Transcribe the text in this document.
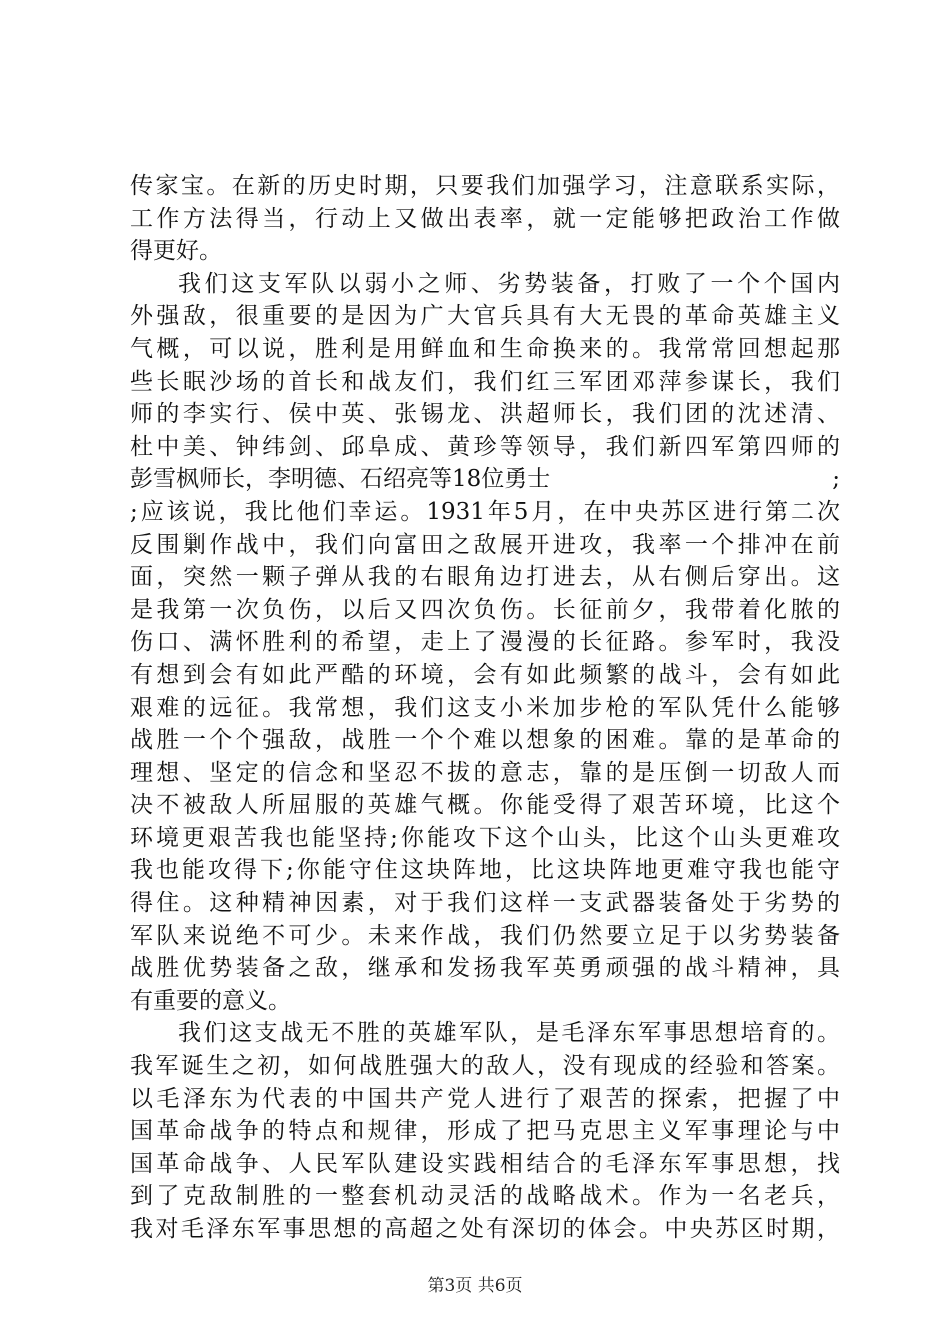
传家宝。在新的历史时期，只要我们加强学习，注意联系实际，
工作方法得当，行动上又做出表率，就一定能够把政治工作做
得更好。
我们这支军队以弱小之师、劣势装备，打败了一个个国内
外强敌，很重要的是因为广大官兵具有大无畏的革命英雄主义
气概，可以说，胜利是用鲜血和生命换来的。我常常回想起那
些长眠沙场的首长和战友们，我们红三军团邓萍参谋长，我们
师的李实行、侯中英、张锡龙、洪超师长，我们团的沈述清、
杜中美、钟纬剑、邱阜成、黄珍等领导，我们新四军第四师的
彭雪枫师长，李明德、石绍亮等18位勇士	;
;应该说，我比他们幸运。1931年5月，在中央苏区进行第二次
反围剿作战中，我们向富田之敌展开进攻，我率一个排冲在前
面，突然一颗子弹从我的右眼角边打进去，从右侧后穿出。这
是我第一次负伤，以后又四次负伤。长征前夕，我带着化脓的
伤口、满怀胜利的希望，走上了漫漫的长征路。参军时，我没
有想到会有如此严酷的环境，会有如此频繁的战斗，会有如此
艰难的远征。我常想，我们这支小米加步枪的军队凭什么能够
战胜一个个强敌，战胜一个个难以想象的困难。靠的是革命的
理想、坚定的信念和坚忍不拔的意志，靠的是压倒一切敌人而
决不被敌人所屈服的英雄气概。你能受得了艰苦环境，比这个
环境更艰苦我也能坚持;你能攻下这个山头，比这个山头更难攻
我也能攻得下;你能守住这块阵地，比这块阵地更难守我也能守
得住。这种精神因素，对于我们这样一支武器装备处于劣势的
军队来说绝不可少。未来作战，我们仍然要立足于以劣势装备
战胜优势装备之敌，继承和发扬我军英勇顽强的战斗精神，具
有重要的意义。
我们这支战无不胜的英雄军队，是毛泽东军事思想培育的。
我军诞生之初，如何战胜强大的敌人，没有现成的经验和答案。
以毛泽东为代表的中国共产党人进行了艰苦的探索，把握了中
国革命战争的特点和规律，形成了把马克思主义军事理论与中
国革命战争、人民军队建设实践相结合的毛泽东军事思想，找
到了克敌制胜的一整套机动灵活的战略战术。作为一名老兵，
我对毛泽东军事思想的高超之处有深切的体会。中央苏区时期，
第3页 共6页
